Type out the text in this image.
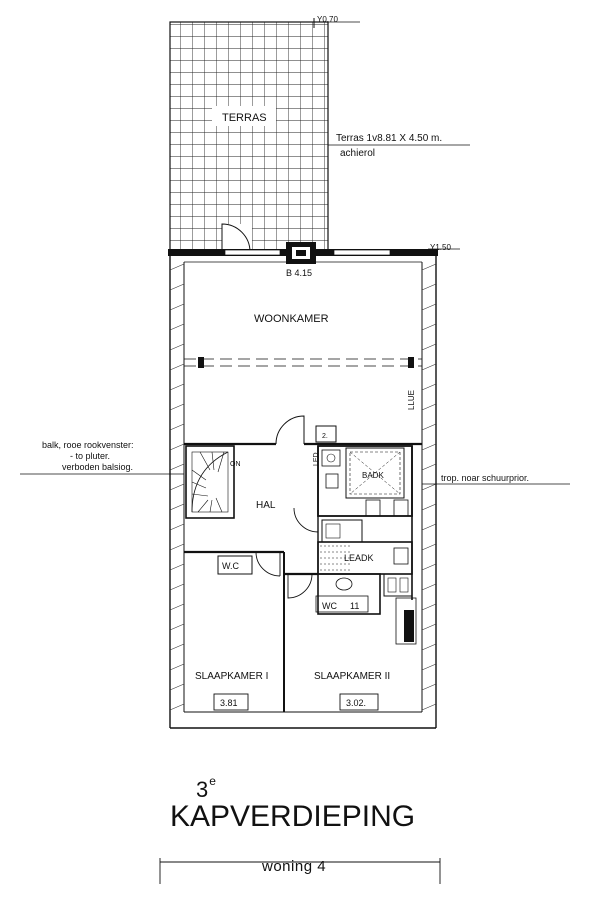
TERRAS
Y0.70
Terras 1v8.81 X 4.50 m.
achierol
B 4.15
Y1.50
WOONKAMER
LLUE
balk, rooe rookvenster:
- to pluter.
verboden balsiog.
trop. noar schuurprior.
ON
HAL
2.
LED
BADK
LEADK
WC 11
W.C
SLAAPKAMER I	SLAAPKAMER II
3.81	3.02.
3e
KAPVERDIEPING
woning 4
